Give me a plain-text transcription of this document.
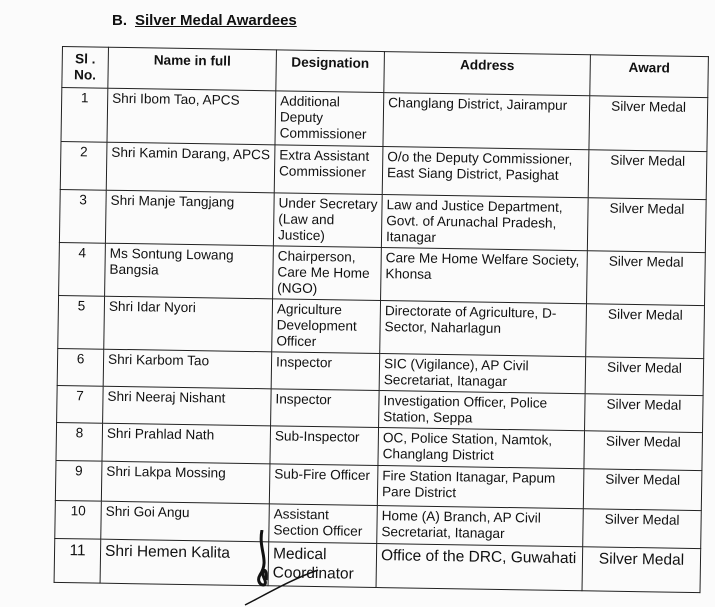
B. Silver Medal Awardees
Sl . No.	Name in full	Designation	Address	Award
1	Shri Ibom Tao, APCS	Additional Deputy Commissioner	Changlang District, Jairampur	Silver Medal
2	Shri Kamin Darang, APCS	Extra Assistant Commissioner	O/o the Deputy Commissioner, East Siang District, Pasighat	Silver Medal
3	Shri Manje Tangjang	Under Secretary (Law and Justice)	Law and Justice Department, Govt. of Arunachal Pradesh, Itanagar	Silver Medal
4	Ms Sontung Lowang Bangsia	Chairperson, Care Me Home (NGO)	Care Me Home Welfare Society, Khonsa	Silver Medal
5	Shri Idar Nyori	Agriculture Development Officer	Directorate of Agriculture, D-Sector, Naharlagun	Silver Medal
6	Shri Karbom Tao	Inspector	SIC (Vigilance), AP Civil Secretariat, Itanagar	Silver Medal
7	Shri Neeraj Nishant	Inspector	Investigation Officer, Police Station, Seppa	Silver Medal
8	Shri Prahlad Nath	Sub-Inspector	OC, Police Station, Namtok, Changlang District	Silver Medal
9	Shri Lakpa Mossing	Sub-Fire Officer	Fire Station Itanagar, Papum Pare District	Silver Medal
10	Shri Goi Angu	Assistant Section Officer	Home (A) Branch, AP Civil Secretariat, Itanagar	Silver Medal
11	Shri Hemen Kalita	Medical Coordinator	Office of the DRC, Guwahati	Silver Medal
